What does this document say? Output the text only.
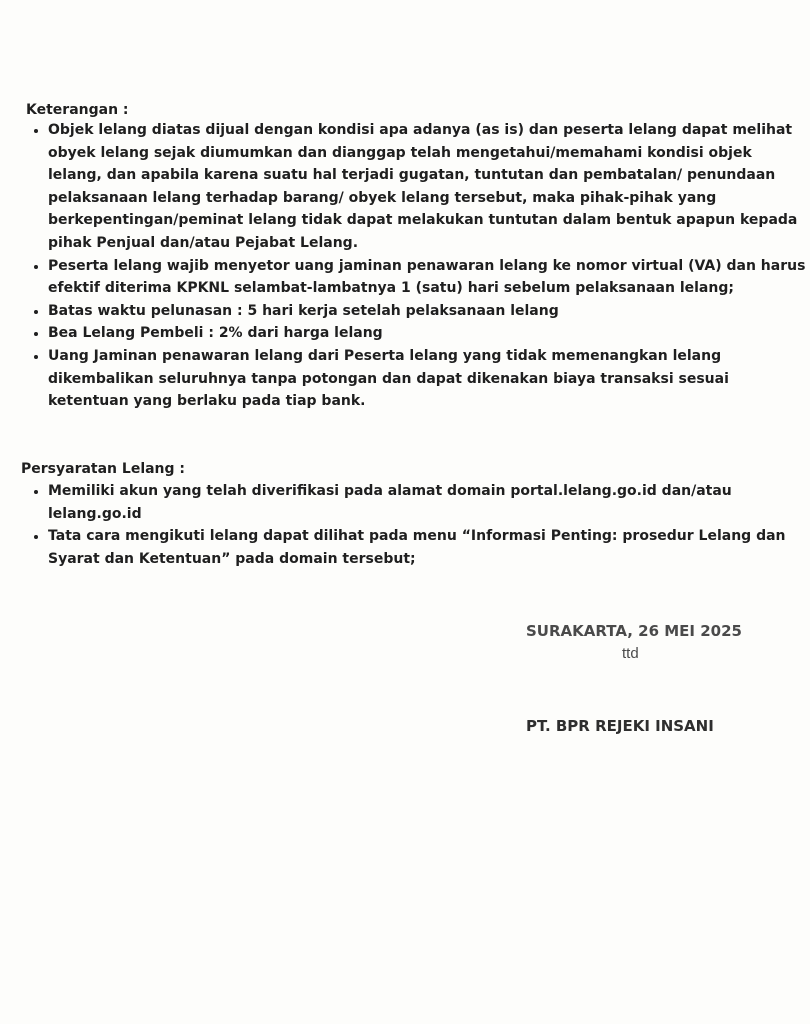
Keterangan :

• Objek lelang diatas dijual dengan kondisi apa adanya (as is) dan peserta lelang dapat melihat obyek lelang sejak diumumkan dan dianggap telah mengetahui/memahami kondisi objek lelang, dan apabila karena suatu hal terjadi gugatan, tuntutan dan pembatalan/ penundaan pelaksanaan lelang terhadap barang/ obyek lelang tersebut, maka pihak-pihak yang berkepentingan/peminat lelang tidak dapat melakukan tuntutan dalam bentuk apapun kepada pihak Penjual dan/atau Pejabat Lelang.
• Peserta lelang wajib menyetor uang jaminan penawaran lelang ke nomor virtual (VA) dan harus efektif diterima KPKNL selambat-lambatnya 1 (satu) hari sebelum pelaksanaan lelang;
• Batas waktu pelunasan : 5 hari kerja setelah pelaksanaan lelang
• Bea Lelang Pembeli : 2% dari harga lelang
• Uang Jaminan penawaran lelang dari Peserta lelang yang tidak memenangkan lelang dikembalikan seluruhnya tanpa potongan dan dapat dikenakan biaya transaksi sesuai ketentuan yang berlaku pada tiap bank.

Persyaratan Lelang :

• Memiliki akun yang telah diverifikasi pada alamat domain portal.lelang.go.id dan/atau lelang.go.id
• Tata cara mengikuti lelang dapat dilihat pada menu “Informasi Penting: prosedur Lelang dan Syarat dan Ketentuan” pada domain tersebut;
SURAKARTA, 26 MEI 2025
ttd
PT. BPR REJEKI INSANI
